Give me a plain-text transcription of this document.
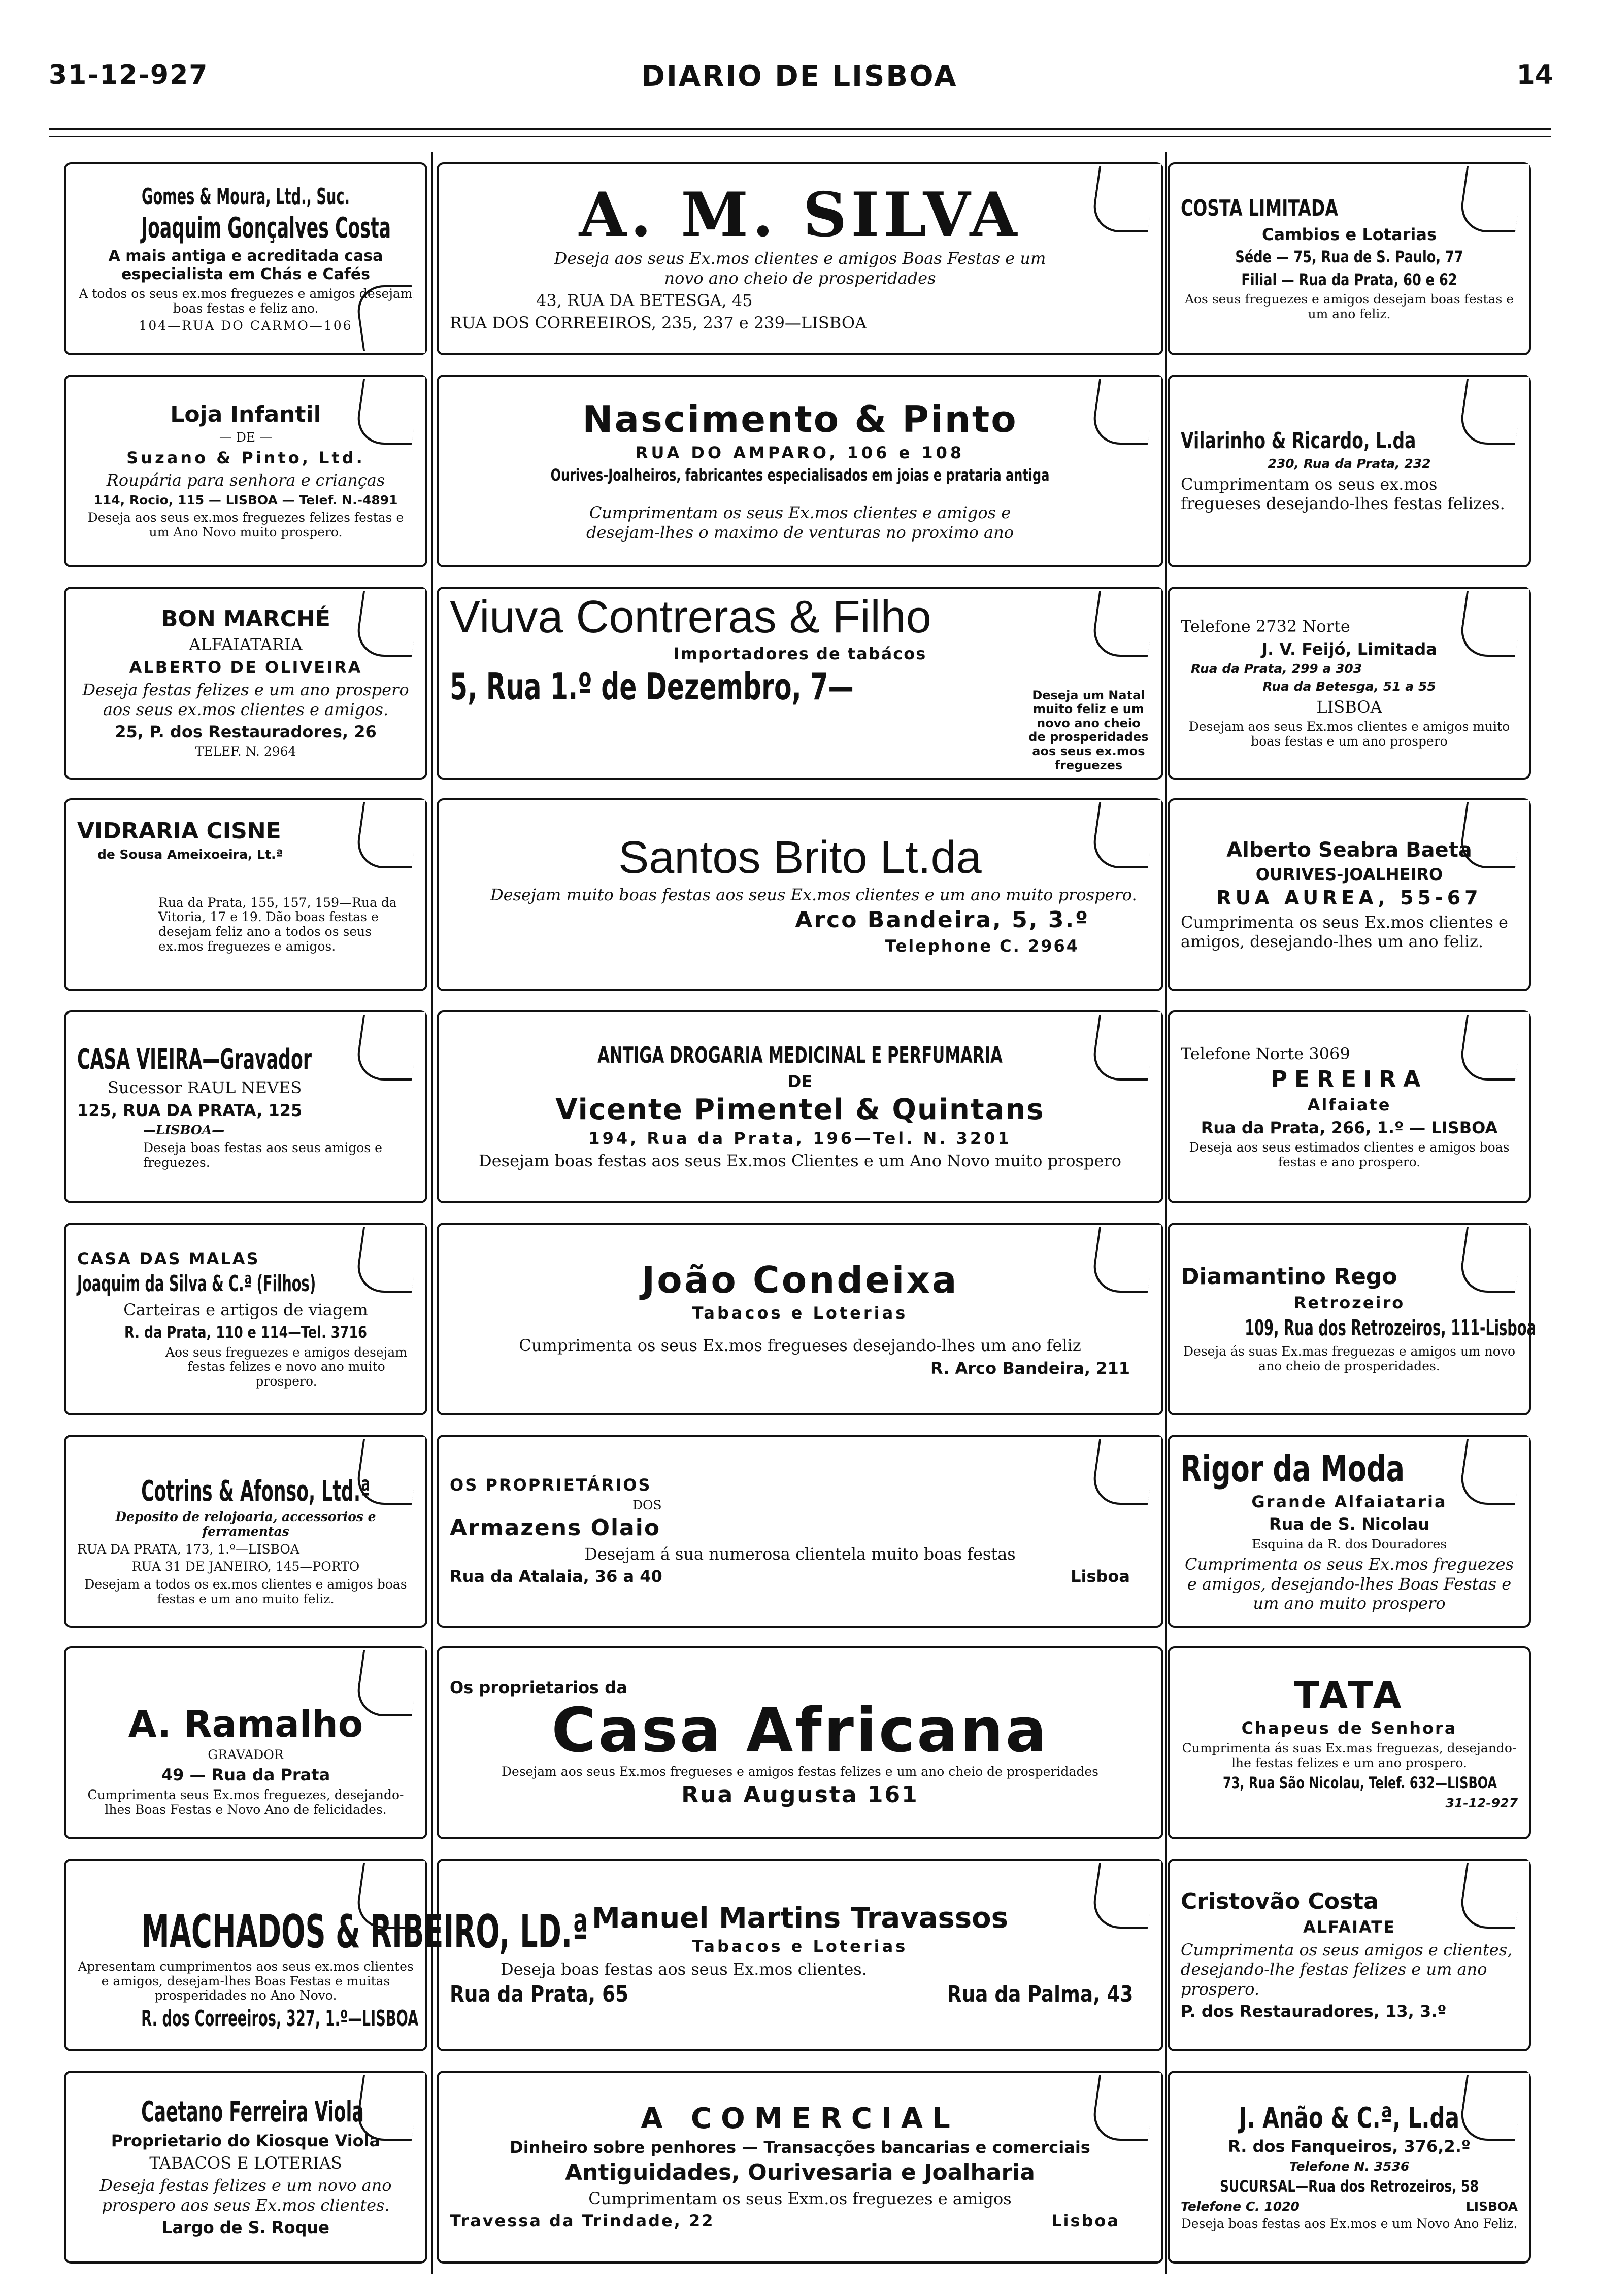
31-12-927	DIARIO DE LISBOA	14
Gomes & Moura, Ltd., Suc.
Joaquim Gonçalves Costa
A mais antiga e acreditada casa especialista em Chás e Cafés
A todos os seus ex.mos freguezes e amigos desejam boas festas e feliz ano.
104—RUA DO CARMO—106
Loja Infantil
— DE —
Suzano & Pinto, Ltd.
Roupária para senhora e crianças
114, Rocio, 115 — LISBOA — Telef. N.-4891
Deseja aos seus ex.mos freguezes felizes festas e um Ano Novo muito prospero.
BON MARCHÉ
ALFAIATARIA
ALBERTO DE OLIVEIRA
Deseja festas felizes e um ano prospero aos seus ex.mos clientes e amigos.
25, P. dos Restauradores, 26
TELEF. N. 2964
VIDRARIA CISNE
de Sousa Ameixoeira, Lt.ª
Rua da Prata, 155, 157, 159—Rua da Vitoria, 17 e 19. Dão boas festas e desejam feliz ano a todos os seus ex.mos freguezes e amigos.
CASA VIEIRA—Gravador
Sucessor RAUL NEVES
125, RUA DA PRATA, 125
—LISBOA—
Deseja boas festas aos seus amigos e freguezes.
CASA DAS MALAS
Joaquim da Silva & C.ª (Filhos)
Carteiras e artigos de viagem
R. da Prata, 110 e 114—Tel. 3716
Aos seus freguezes e amigos desejam festas felizes e novo ano muito prospero.
Cotrins & Afonso, Ltd.ª
Deposito de relojoaria, accessorios e ferramentas
RUA DA PRATA, 173, 1.º—LISBOA
RUA 31 DE JANEIRO, 145—PORTO
Desejam a todos os ex.mos clientes e amigos boas festas e um ano muito feliz.
A. Ramalho
GRAVADOR
49 — Rua da Prata
Cumprimenta seus Ex.mos freguezes, desejando-lhes Boas Festas e Novo Ano de felicidades.
MACHADOS & RIBEIRO, LD.ª
Apresentam cumprimentos aos seus ex.mos clientes e amigos, desejam-lhes Boas Festas e muitas prosperidades no Ano Novo.
R. dos Correeiros, 327, 1.º—LISBOA
Caetano Ferreira Viola
Proprietario do Kiosque Viola
TABACOS E LOTERIAS
Deseja festas felizes e um novo ano prospero aos seus Ex.mos clientes.
Largo de S. Roque
A. M. SILVA
Deseja aos seus Ex.mos clientes e amigos Boas Festas e um novo ano cheio de prosperidades
43, RUA DA BETESGA, 45
RUA DOS CORREEIROS, 235, 237 e 239—LISBOA
Nascimento & Pinto
RUA DO AMPARO, 106 e 108
Ourives-Joalheiros, fabricantes especialisados em joias e prataria antiga
Cumprimentam os seus Ex.mos clientes e amigos e desejam-lhes o maximo de venturas no proximo ano
Viuva Contreras & Filho
Importadores de tabácos
5, Rua 1.º de Dezembro, 7—	Deseja um Natal muito feliz e um novo ano cheio de prosperidades aos seus ex.mos freguezes
Santos Brito Lt.da
Desejam muito boas festas aos seus Ex.mos clientes e um ano muito prospero.
Arco Bandeira, 5, 3.º
Telephone C. 2964
ANTIGA DROGARIA MEDICINAL E PERFUMARIA
DE
Vicente Pimentel & Quintans
194, Rua da Prata, 196—Tel. N. 3201
Desejam boas festas aos seus Ex.mos Clientes e um Ano Novo muito prospero
João Condeixa
Tabacos e Loterias
Cumprimenta os seus Ex.mos fregueses desejando-lhes um ano feliz
R. Arco Bandeira, 211
OS PROPRIETÁRIOS
DOS
Armazens Olaio
Desejam á sua numerosa clientela muito boas festas
Rua da Atalaia, 36 a 40	Lisboa
Os proprietarios da
Casa Africana
Desejam aos seus Ex.mos fregueses e amigos festas felizes e um ano cheio de prosperidades
Rua Augusta 161
Manuel Martins Travassos
Tabacos e Loterias
Deseja boas festas aos seus Ex.mos clientes.
Rua da Prata, 65	Rua da Palma, 43
A COMERCIAL
Dinheiro sobre penhores — Transacções bancarias e comerciais
Antiguidades, Ourivesaria e Joalharia
Cumprimentam os seus Exm.os freguezes e amigos
Travessa da Trindade, 22	Lisboa
COSTA LIMITADA
Cambios e Lotarias
Séde — 75, Rua de S. Paulo, 77
Filial — Rua da Prata, 60 e 62
Aos seus freguezes e amigos desejam boas festas e um ano feliz.
Vilarinho & Ricardo, L.da
230, Rua da Prata, 232
Cumprimentam os seus ex.mos fregueses desejando-lhes festas felizes.
Telefone 2732 Norte
J. V. Feijó, Limitada
Rua da Prata, 299 a 303
Rua da Betesga, 51 a 55
LISBOA
Desejam aos seus Ex.mos clientes e amigos muito boas festas e um ano prospero
Alberto Seabra Baeta
OURIVES-JOALHEIRO
RUA AUREA, 55-67
Cumprimenta os seus Ex.mos clientes e amigos, desejando-lhes um ano feliz.
Telefone Norte 3069
PEREIRA
Alfaiate
Rua da Prata, 266, 1.º — LISBOA
Deseja aos seus estimados clientes e amigos boas festas e ano prospero.
Diamantino Rego
Retrozeiro
109, Rua dos Retrozeiros, 111-Lisboa
Deseja ás suas Ex.mas freguezas e amigos um novo ano cheio de prosperidades.
Rigor da Moda
Grande Alfaiataria
Rua de S. Nicolau
Esquina da R. dos Douradores
Cumprimenta os seus Ex.mos freguezes e amigos, desejando-lhes Boas Festas e um ano muito prospero
TATA
Chapeus de Senhora
Cumprimenta ás suas Ex.mas freguezas, desejando-lhe festas felizes e um ano prospero.
73, Rua São Nicolau, Telef. 632—LISBOA
31-12-927
Cristovão Costa
ALFAIATE
Cumprimenta os seus amigos e clientes, desejando-lhe festas felizes e um ano prospero.
P. dos Restauradores, 13, 3.º
J. Anão & C.ª, L.da
R. dos Fanqueiros, 376,2.º
Telefone N. 3536
SUCURSAL—Rua dos Retrozeiros, 58
Telefone C. 1020	LISBOA
Deseja boas festas aos Ex.mos e um Novo Ano Feliz.
